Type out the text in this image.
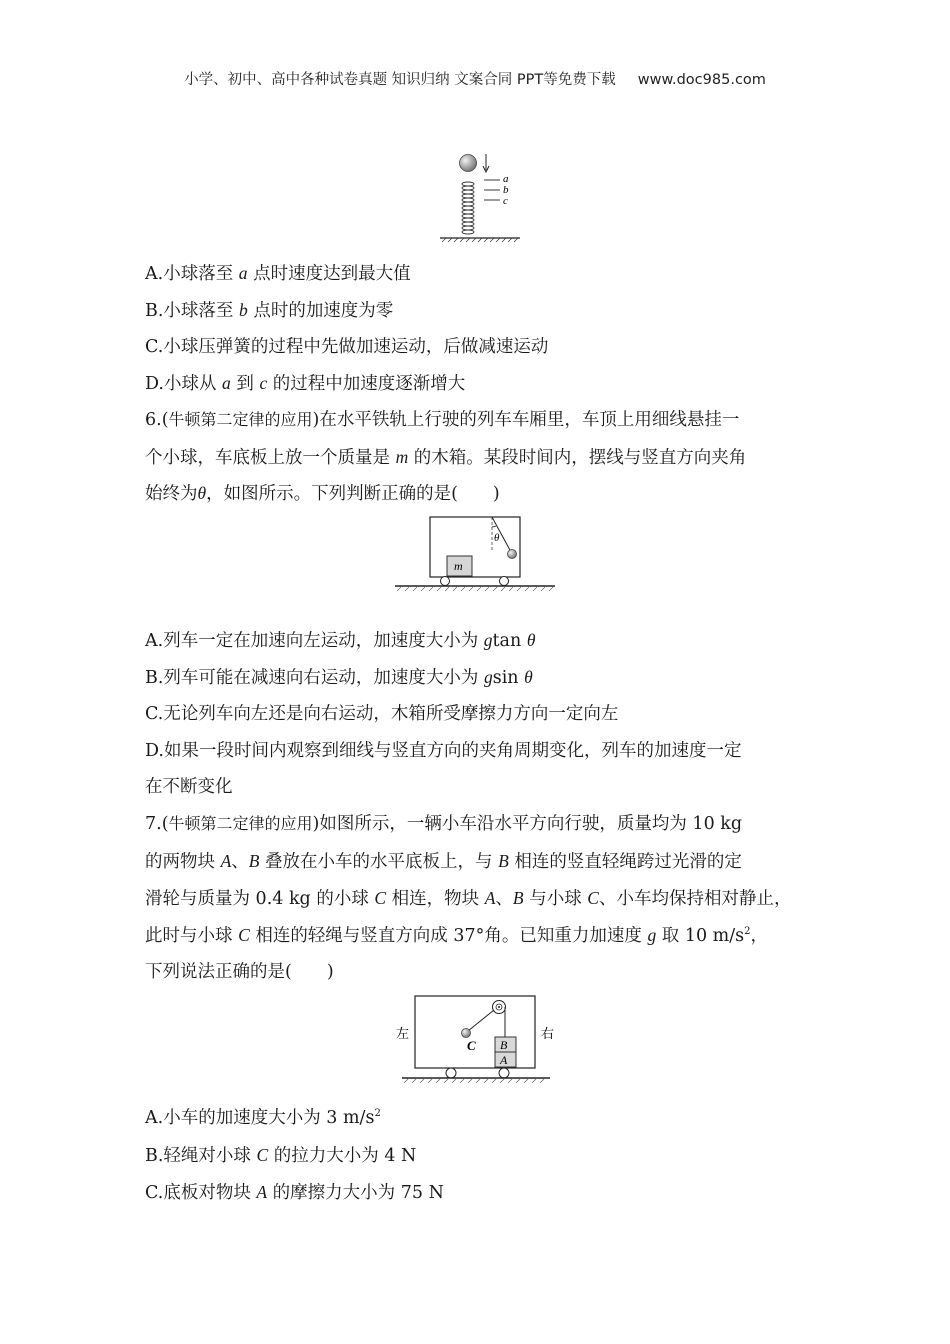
小学、初中、高中各种试卷真题 知识归纳 文案合同 PPT等免费下载 www.doc985.com
a
b
c
A.小球落至 a 点时速度达到最大值
B.小球落至 b 点时的加速度为零
C.小球压弹簧的过程中先做加速运动，后做减速运动
D.小球从 a 到 c 的过程中加速度逐渐增大
6.(牛顿第二定律的应用)在水平铁轨上行驶的列车车厢里，车顶上用细线悬挂一
个小球，车底板上放一个质量是 m 的木箱。某段时间内，摆线与竖直方向夹角
始终为θ，如图所示。下列判断正确的是(　　)
θ
m
A.列车一定在加速向左运动，加速度大小为 gtan θ
B.列车可能在减速向右运动，加速度大小为 gsin θ
C.无论列车向左还是向右运动，木箱所受摩擦力方向一定向左
D.如果一段时间内观察到细线与竖直方向的夹角周期变化，列车的加速度一定
在不断变化
7.(牛顿第二定律的应用)如图所示，一辆小车沿水平方向行驶，质量均为 10 kg
的两物块 A、B 叠放在小车的水平底板上，与 B 相连的竖直轻绳跨过光滑的定
滑轮与质量为 0.4 kg 的小球 C 相连，物块 A、B 与小球 C、小车均保持相对静止，
此时与小球 C 相连的轻绳与竖直方向成 37°角。已知重力加速度 g 取 10 $m/s^2$，
下列说法正确的是(　　)
左	右
C B
A
A.小车的加速度大小为 3 $m/s^2$
B.轻绳对小球 C 的拉力大小为 4 N
C.底板对物块 A 的摩擦力大小为 75 N
